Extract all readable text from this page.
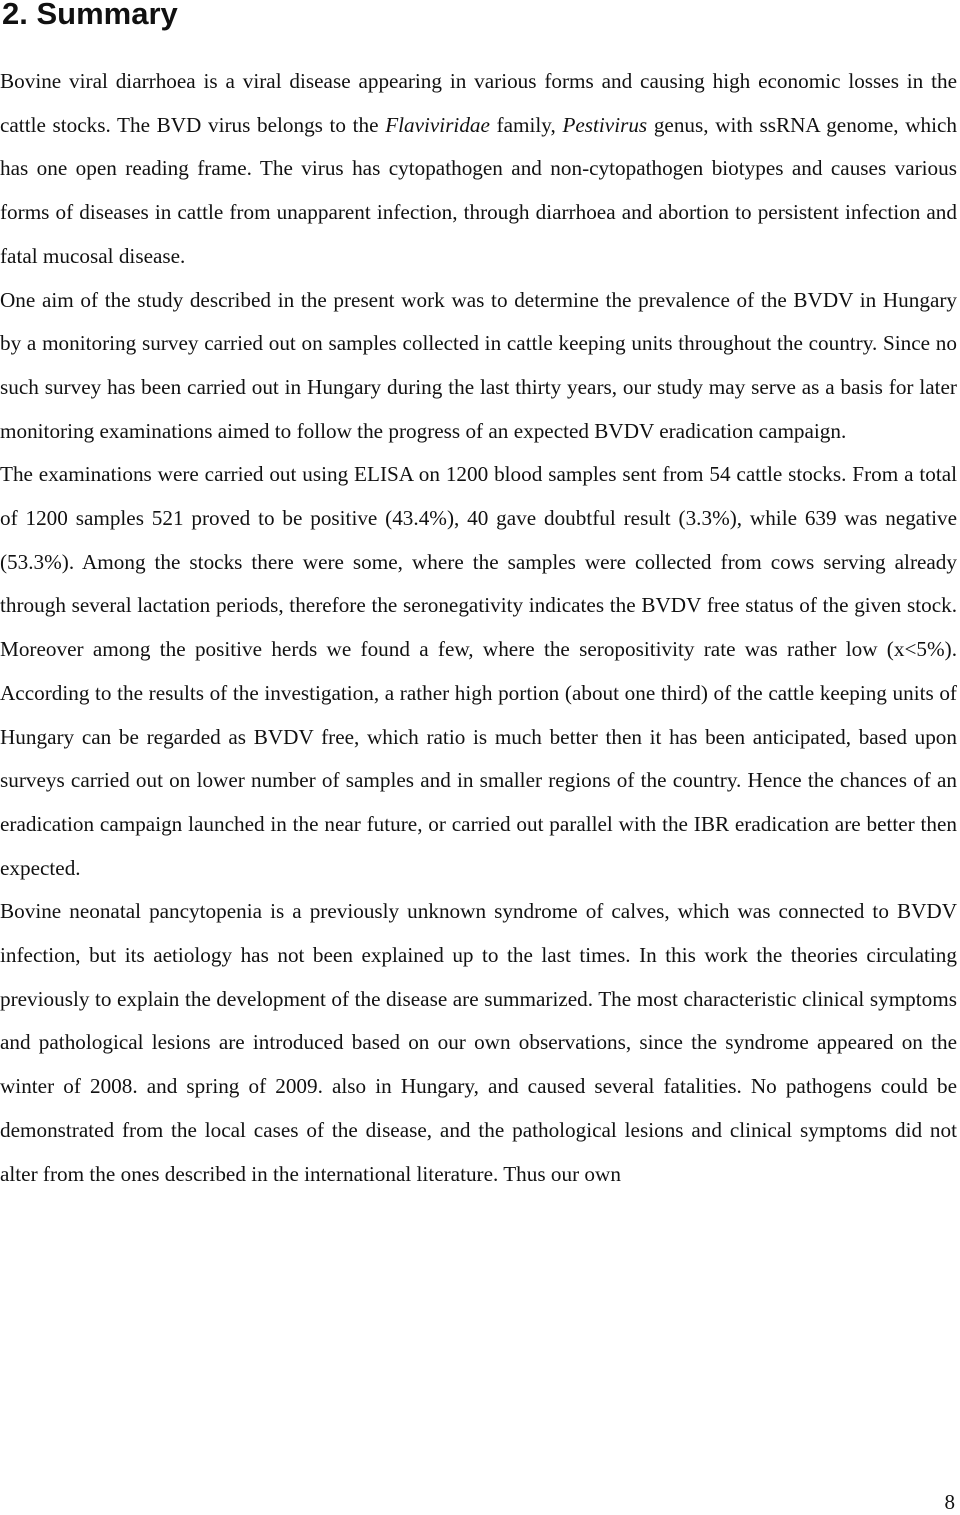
2. Summary

Bovine viral diarrhoea is a viral disease appearing in various forms and causing high economic losses in the cattle stocks. The BVD virus belongs to the Flaviviridae family, Pestivirus genus, with ssRNA genome, which has one open reading frame. The virus has cytopathogen and non-cytopathogen biotypes and causes various forms of diseases in cattle from unapparent infection, through diarrhoea and abortion to persistent infection and fatal mucosal disease.

One aim of the study described in the present work was to determine the prevalence of the BVDV in Hungary by a monitoring survey carried out on samples collected in cattle keeping units throughout the country. Since no such survey has been carried out in Hungary during the last thirty years, our study may serve as a basis for later monitoring examinations aimed to follow the progress of an expected BVDV eradication campaign.

The examinations were carried out using ELISA on 1200 blood samples sent from 54 cattle stocks. From a total of 1200 samples 521 proved to be positive (43.4%), 40 gave doubtful result (3.3%), while 639 was negative (53.3%). Among the stocks there were some, where the samples were collected from cows serving already through several lactation periods, therefore the seronegativity indicates the BVDV free status of the given stock. Moreover among the positive herds we found a few, where the seropositivity rate was rather low (x<5%). According to the results of the investigation, a rather high portion (about one third) of the cattle keeping units of Hungary can be regarded as BVDV free, which ratio is much better then it has been anticipated, based upon surveys carried out on lower number of samples and in smaller regions of the country. Hence the chances of an eradication campaign launched in the near future, or carried out parallel with the IBR eradication are better then expected.

Bovine neonatal pancytopenia is a previously unknown syndrome of calves, which was connected to BVDV infection, but its aetiology has not been explained up to the last times. In this work the theories circulating previously to explain the development of the disease are summarized. The most characteristic clinical symptoms and pathological lesions are introduced based on our own observations, since the syndrome appeared on the winter of 2008. and spring of 2009. also in Hungary, and caused several fatalities. No pathogens could be demonstrated from the local cases of the disease, and the pathological lesions and clinical symptoms did not alter from the ones described in the international literature. Thus our own

8
